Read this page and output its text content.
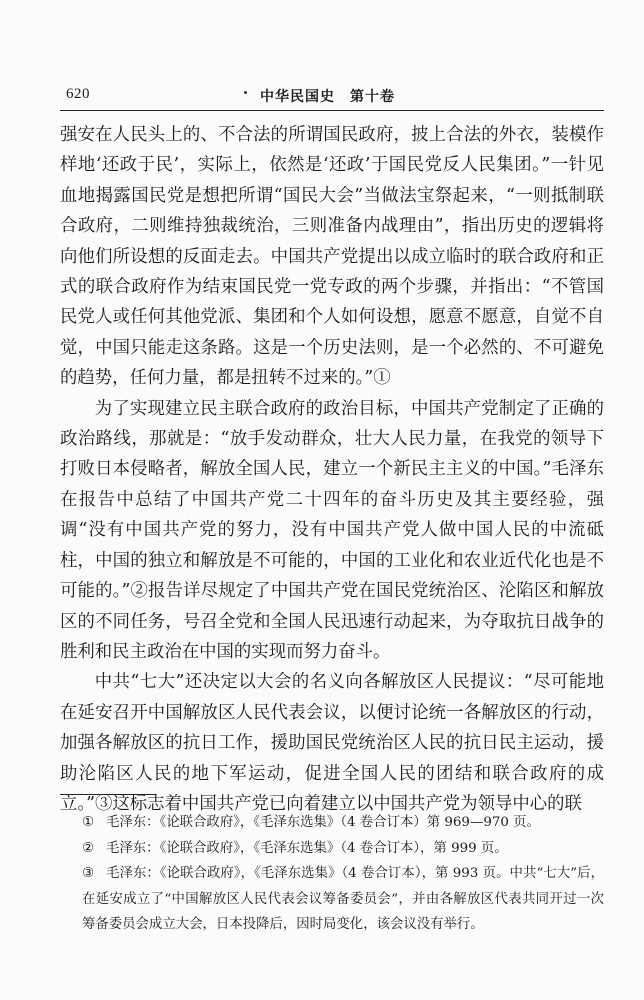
620	中华民国史　第十卷

强安在人民头上的、不合法的所谓国民政府，披上合法的外衣，装模作样地‘还政于民’，实际上，依然是‘还政’于国民党反人民集团。”一针见血地揭露国民党是想把所谓“国民大会”当做法宝祭起来，“一则抵制联合政府，二则维持独裁统治，三则准备内战理由”，指出历史的逻辑将向他们所设想的反面走去。中国共产党提出以成立临时的联合政府和正式的联合政府作为结束国民党一党专政的两个步骤，并指出：“不管国民党人或任何其他党派、集团和个人如何设想，愿意不愿意，自觉不自觉，中国只能走这条路。这是一个历史法则，是一个必然的、不可避免的趋势，任何力量，都是扭转不过来的。”①

为了实现建立民主联合政府的政治目标，中国共产党制定了正确的政治路线，那就是：“放手发动群众，壮大人民力量，在我党的领导下打败日本侵略者，解放全国人民，建立一个新民主主义的中国。”毛泽东在报告中总结了中国共产党二十四年的奋斗历史及其主要经验，强调“没有中国共产党的努力，没有中国共产党人做中国人民的中流砥柱，中国的独立和解放是不可能的，中国的工业化和农业近代化也是不可能的。”②报告详尽规定了中国共产党在国民党统治区、沦陷区和解放区的不同任务，号召全党和全国人民迅速行动起来，为夺取抗日战争的胜利和民主政治在中国的实现而努力奋斗。

中共“七大”还决定以大会的名义向各解放区人民提议：“尽可能地在延安召开中国解放区人民代表会议，以便讨论统一各解放区的行动，加强各解放区的抗日工作，援助国民党统治区人民的抗日民主运动，援助沦陷区人民的地下军运动，促进全国人民的团结和联合政府的成立。”③这标志着中国共产党已向着建立以中国共产党为领导中心的联

① 毛泽东：《论联合政府》，《毛泽东选集》（4 卷合订本）第 969—970 页。

② 毛泽东：《论联合政府》，《毛泽东选集》（4 卷合订本），第 999 页。

③ 毛泽东：《论联合政府》，《毛泽东选集》（4 卷合订本），第 993 页。中共“七大”后，在延安成立了“中国解放区人民代表会议筹备委员会”，并由各解放区代表共同开过一次筹备委员会成立大会，日本投降后，因时局变化，该会议没有举行。
